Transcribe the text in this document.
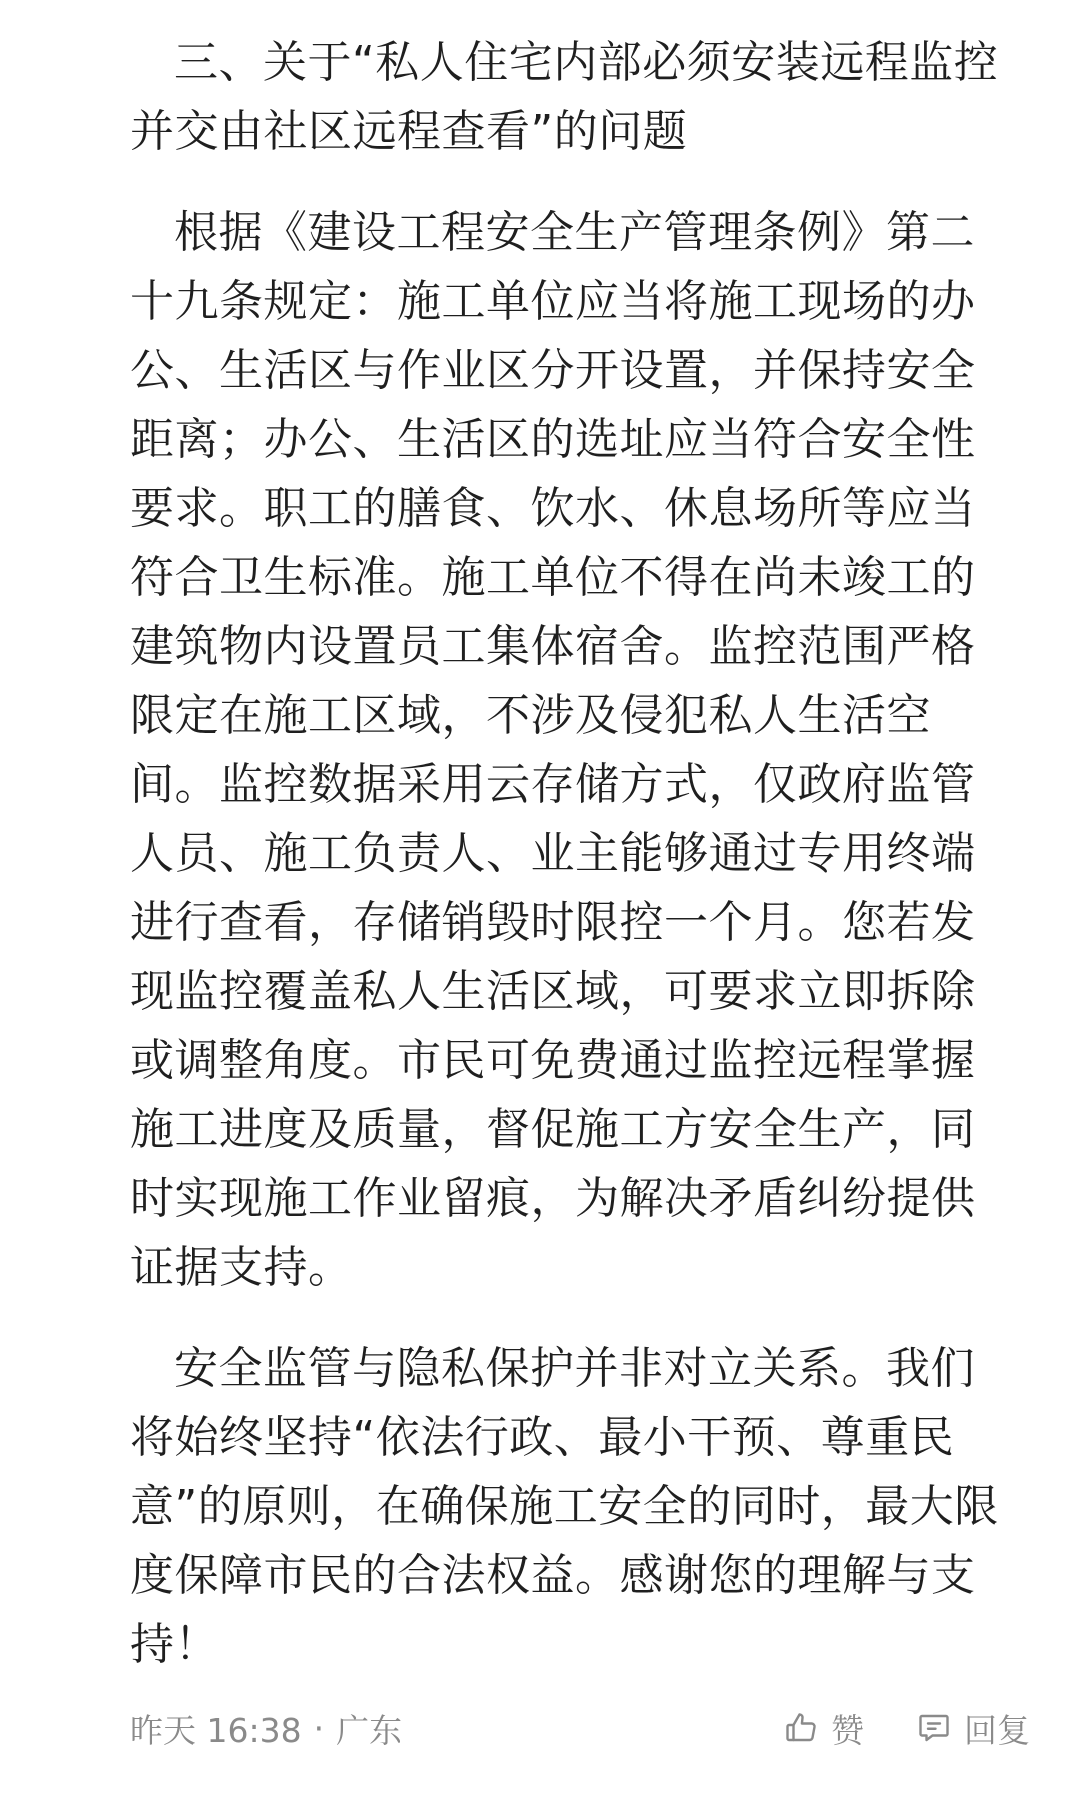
三、关于“私人住宅内部必须安装远程监控并交由社区远程查看”的问题

根据《建设工程安全生产管理条例》第二十九条规定：施工单位应当将施工现场的办公、生活区与作业区分开设置，并保持安全距离；办公、生活区的选址应当符合安全性要求。职工的膳食、饮水、休息场所等应当符合卫生标准。施工单位不得在尚未竣工的建筑物内设置员工集体宿舍。监控范围严格限定在施工区域，不涉及侵犯私人生活空间。监控数据采用云存储方式，仅政府监管人员、施工负责人、业主能够通过专用终端进行查看，存储销毁时限控一个月。您若发现监控覆盖私人生活区域，可要求立即拆除或调整角度。市民可免费通过监控远程掌握施工进度及质量，督促施工方安全生产，同时实现施工作业留痕，为解决矛盾纠纷提供证据支持。

安全监管与隐私保护并非对立关系。我们将始终坚持“依法行政、最小干预、尊重民意”的原则，在确保施工安全的同时，最大限度保障市民的合法权益。感谢您的理解与支持！

昨天 16:38 · 广东	赞	回复
